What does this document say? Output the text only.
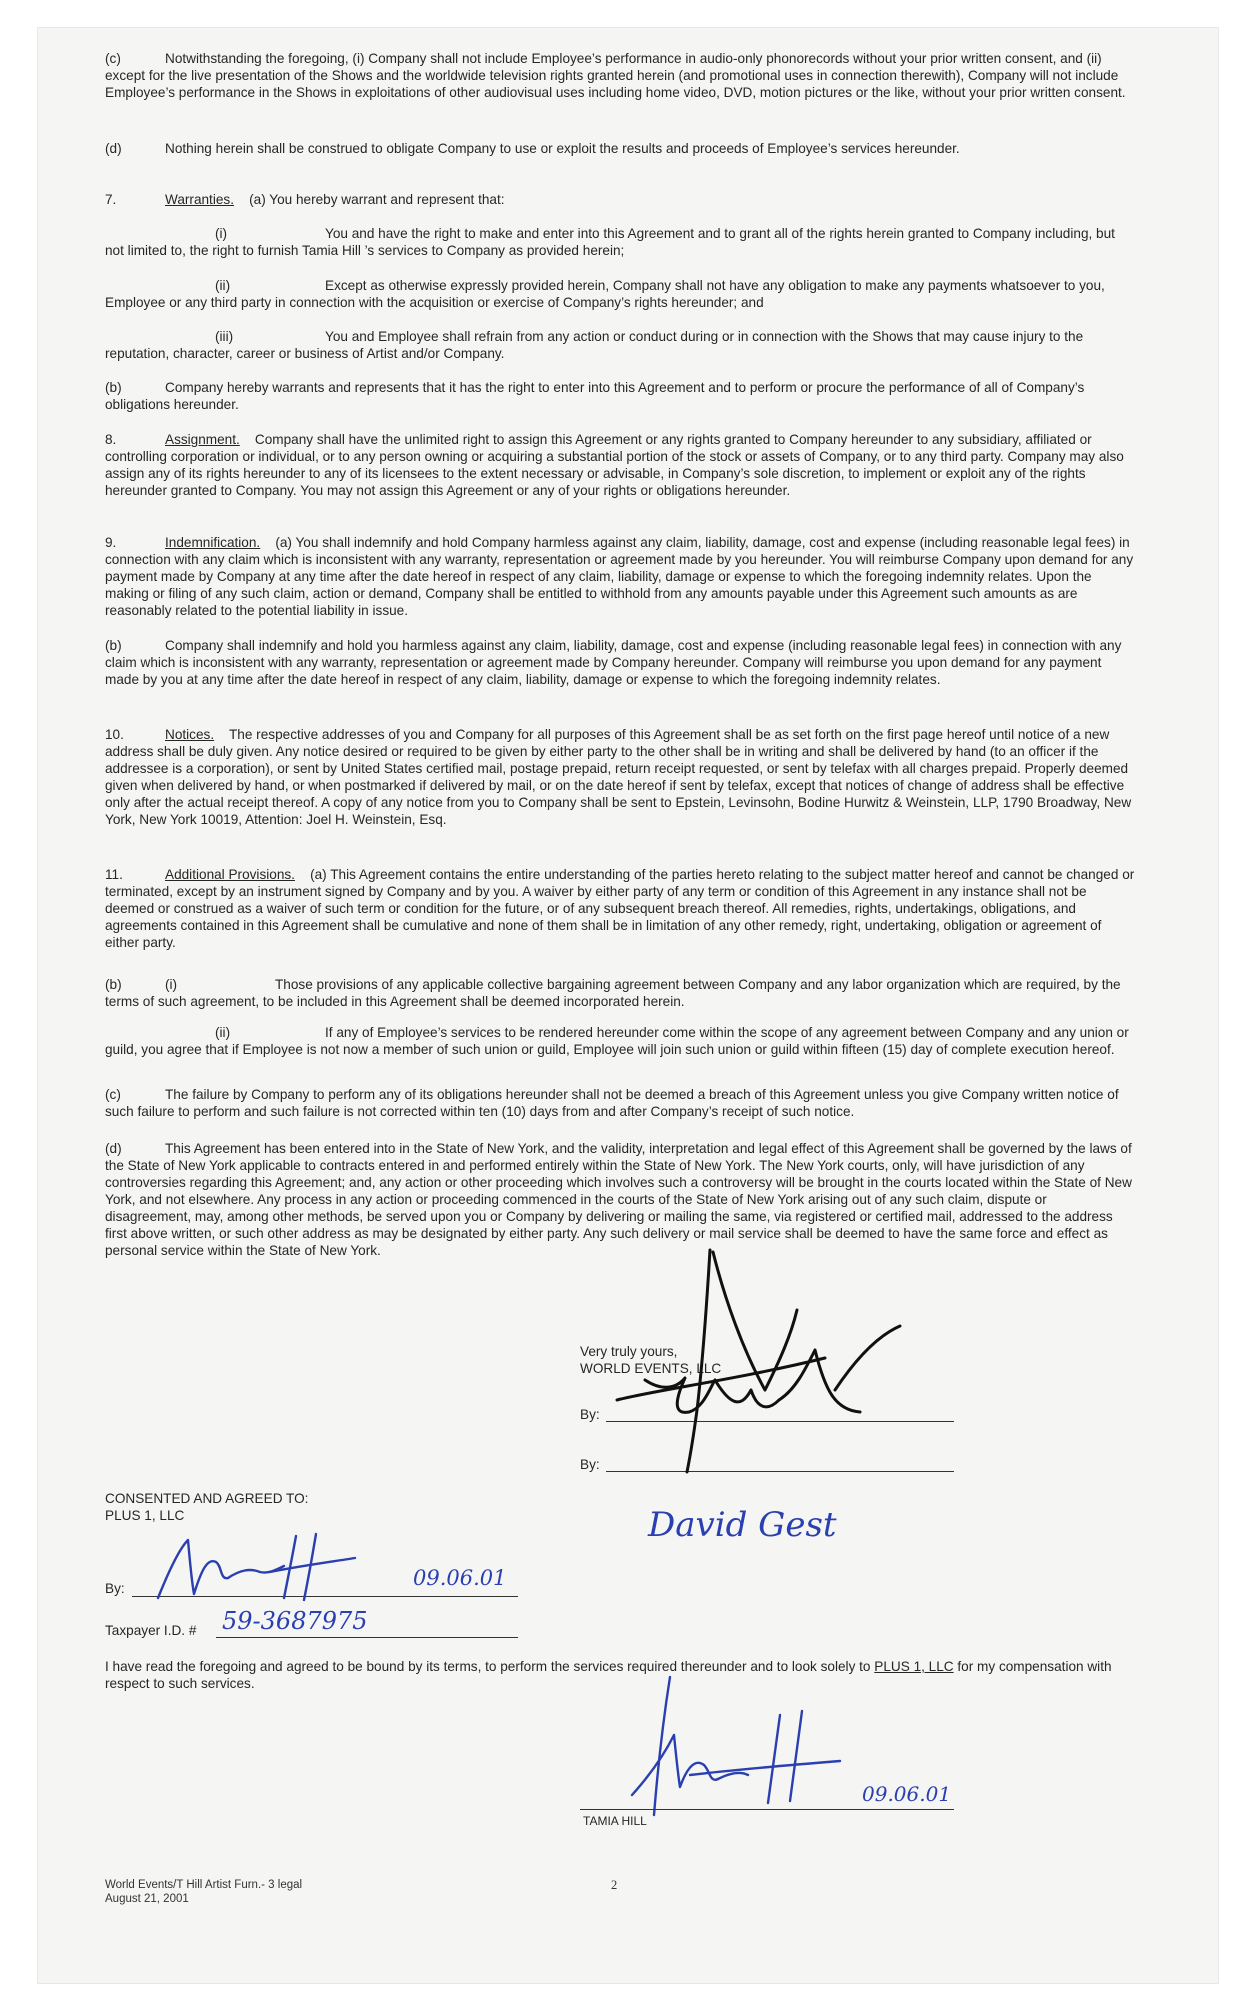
(c)	Notwithstanding the foregoing, (i) Company shall not include Employee’s performance in audio-only phonorecords without your prior written consent, and (ii) except for the live presentation of the Shows and the worldwide television rights granted herein (and promotional uses in connection therewith), Company will not include Employee’s performance in the Shows in exploitations of other audiovisual uses including home video, DVD, motion pictures or the like, without your prior written consent.

(d)	Nothing herein shall be construed to obligate Company to use or exploit the results and proceeds of Employee’s services hereunder.

7.	Warranties. (a) You hereby warrant and represent that:

(i)	You and have the right to make and enter into this Agreement and to grant all of the rights herein granted to Company including, but not limited to, the right to furnish Tamia Hill ’s services to Company as provided herein;

(ii)	Except as otherwise expressly provided herein, Company shall not have any obligation to make any payments whatsoever to you, Employee or any third party in connection with the acquisition or exercise of Company’s rights hereunder; and

(iii)	You and Employee shall refrain from any action or conduct during or in connection with the Shows that may cause injury to the reputation, character, career or business of Artist and/or Company.

(b)	Company hereby warrants and represents that it has the right to enter into this Agreement and to perform or procure the performance of all of Company’s obligations hereunder.

8.	Assignment. Company shall have the unlimited right to assign this Agreement or any rights granted to Company hereunder to any subsidiary, affiliated or controlling corporation or individual, or to any person owning or acquiring a substantial portion of the stock or assets of Company, or to any third party. Company may also assign any of its rights hereunder to any of its licensees to the extent necessary or advisable, in Company’s sole discretion, to implement or exploit any of the rights hereunder granted to Company. You may not assign this Agreement or any of your rights or obligations hereunder.

9.	Indemnification. (a) You shall indemnify and hold Company harmless against any claim, liability, damage, cost and expense (including reasonable legal fees) in connection with any claim which is inconsistent with any warranty, representation or agreement made by you hereunder. You will reimburse Company upon demand for any payment made by Company at any time after the date hereof in respect of any claim, liability, damage or expense to which the foregoing indemnity relates. Upon the making or filing of any such claim, action or demand, Company shall be entitled to withhold from any amounts payable under this Agreement such amounts as are reasonably related to the potential liability in issue.

(b)	Company shall indemnify and hold you harmless against any claim, liability, damage, cost and expense (including reasonable legal fees) in connection with any claim which is inconsistent with any warranty, representation or agreement made by Company hereunder. Company will reimburse you upon demand for any payment made by you at any time after the date hereof in respect of any claim, liability, damage or expense to which the foregoing indemnity relates.

10.	Notices. The respective addresses of you and Company for all purposes of this Agreement shall be as set forth on the first page hereof until notice of a new address shall be duly given. Any notice desired or required to be given by either party to the other shall be in writing and shall be delivered by hand (to an officer if the addressee is a corporation), or sent by United States certified mail, postage prepaid, return receipt requested, or sent by telefax with all charges prepaid. Properly deemed given when delivered by hand, or when postmarked if delivered by mail, or on the date hereof if sent by telefax, except that notices of change of address shall be effective only after the actual receipt thereof. A copy of any notice from you to Company shall be sent to Epstein, Levinsohn, Bodine Hurwitz & Weinstein, LLP, 1790 Broadway, New York, New York 10019, Attention: Joel H. Weinstein, Esq.

11.	Additional Provisions. (a) This Agreement contains the entire understanding of the parties hereto relating to the subject matter hereof and cannot be changed or terminated, except by an instrument signed by Company and by you. A waiver by either party of any term or condition of this Agreement in any instance shall not be deemed or construed as a waiver of such term or condition for the future, or of any subsequent breach thereof. All remedies, rights, undertakings, obligations, and agreements contained in this Agreement shall be cumulative and none of them shall be in limitation of any other remedy, right, undertaking, obligation or agreement of either party.

(b)	(i)	Those provisions of any applicable collective bargaining agreement between Company and any labor organization which are required, by the terms of such agreement, to be included in this Agreement shall be deemed incorporated herein.

(ii)	If any of Employee’s services to be rendered hereunder come within the scope of any agreement between Company and any union or guild, you agree that if Employee is not now a member of such union or guild, Employee will join such union or guild within fifteen (15) day of complete execution hereof.

(c)	The failure by Company to perform any of its obligations hereunder shall not be deemed a breach of this Agreement unless you give Company written notice of such failure to perform and such failure is not corrected within ten (10) days from and after Company’s receipt of such notice.

(d)	This Agreement has been entered into in the State of New York, and the validity, interpretation and legal effect of this Agreement shall be governed by the laws of the State of New York applicable to contracts entered in and performed entirely within the State of New York. The New York courts, only, will have jurisdiction of any controversies regarding this Agreement; and, any action or other proceeding which involves such a controversy will be brought in the courts located within the State of New York, and not elsewhere. Any process in any action or proceeding commenced in the courts of the State of New York arising out of any such claim, dispute or disagreement, may, among other methods, be served upon you or Company by delivering or mailing the same, via registered or certified mail, addressed to the address first above written, or such other address as may be designated by either party. Any such delivery or mail service shall be deemed to have the same force and effect as personal service within the State of New York.

Very truly yours,
WORLD EVENTS, LLC
By:
By:
David Gest
CONSENTED AND AGREED TO:
PLUS 1, LLC
By:	09.06.01
Taxpayer I.D. # 59-3687975

I have read the foregoing and agreed to be bound by its terms, to perform the services required thereunder and to look solely to PLUS 1, LLC for my compensation with respect to such services.

09.06.01
TAMIA HILL
World Events/T Hill Artist Furn.- 3 legal
August 21, 2001
2
